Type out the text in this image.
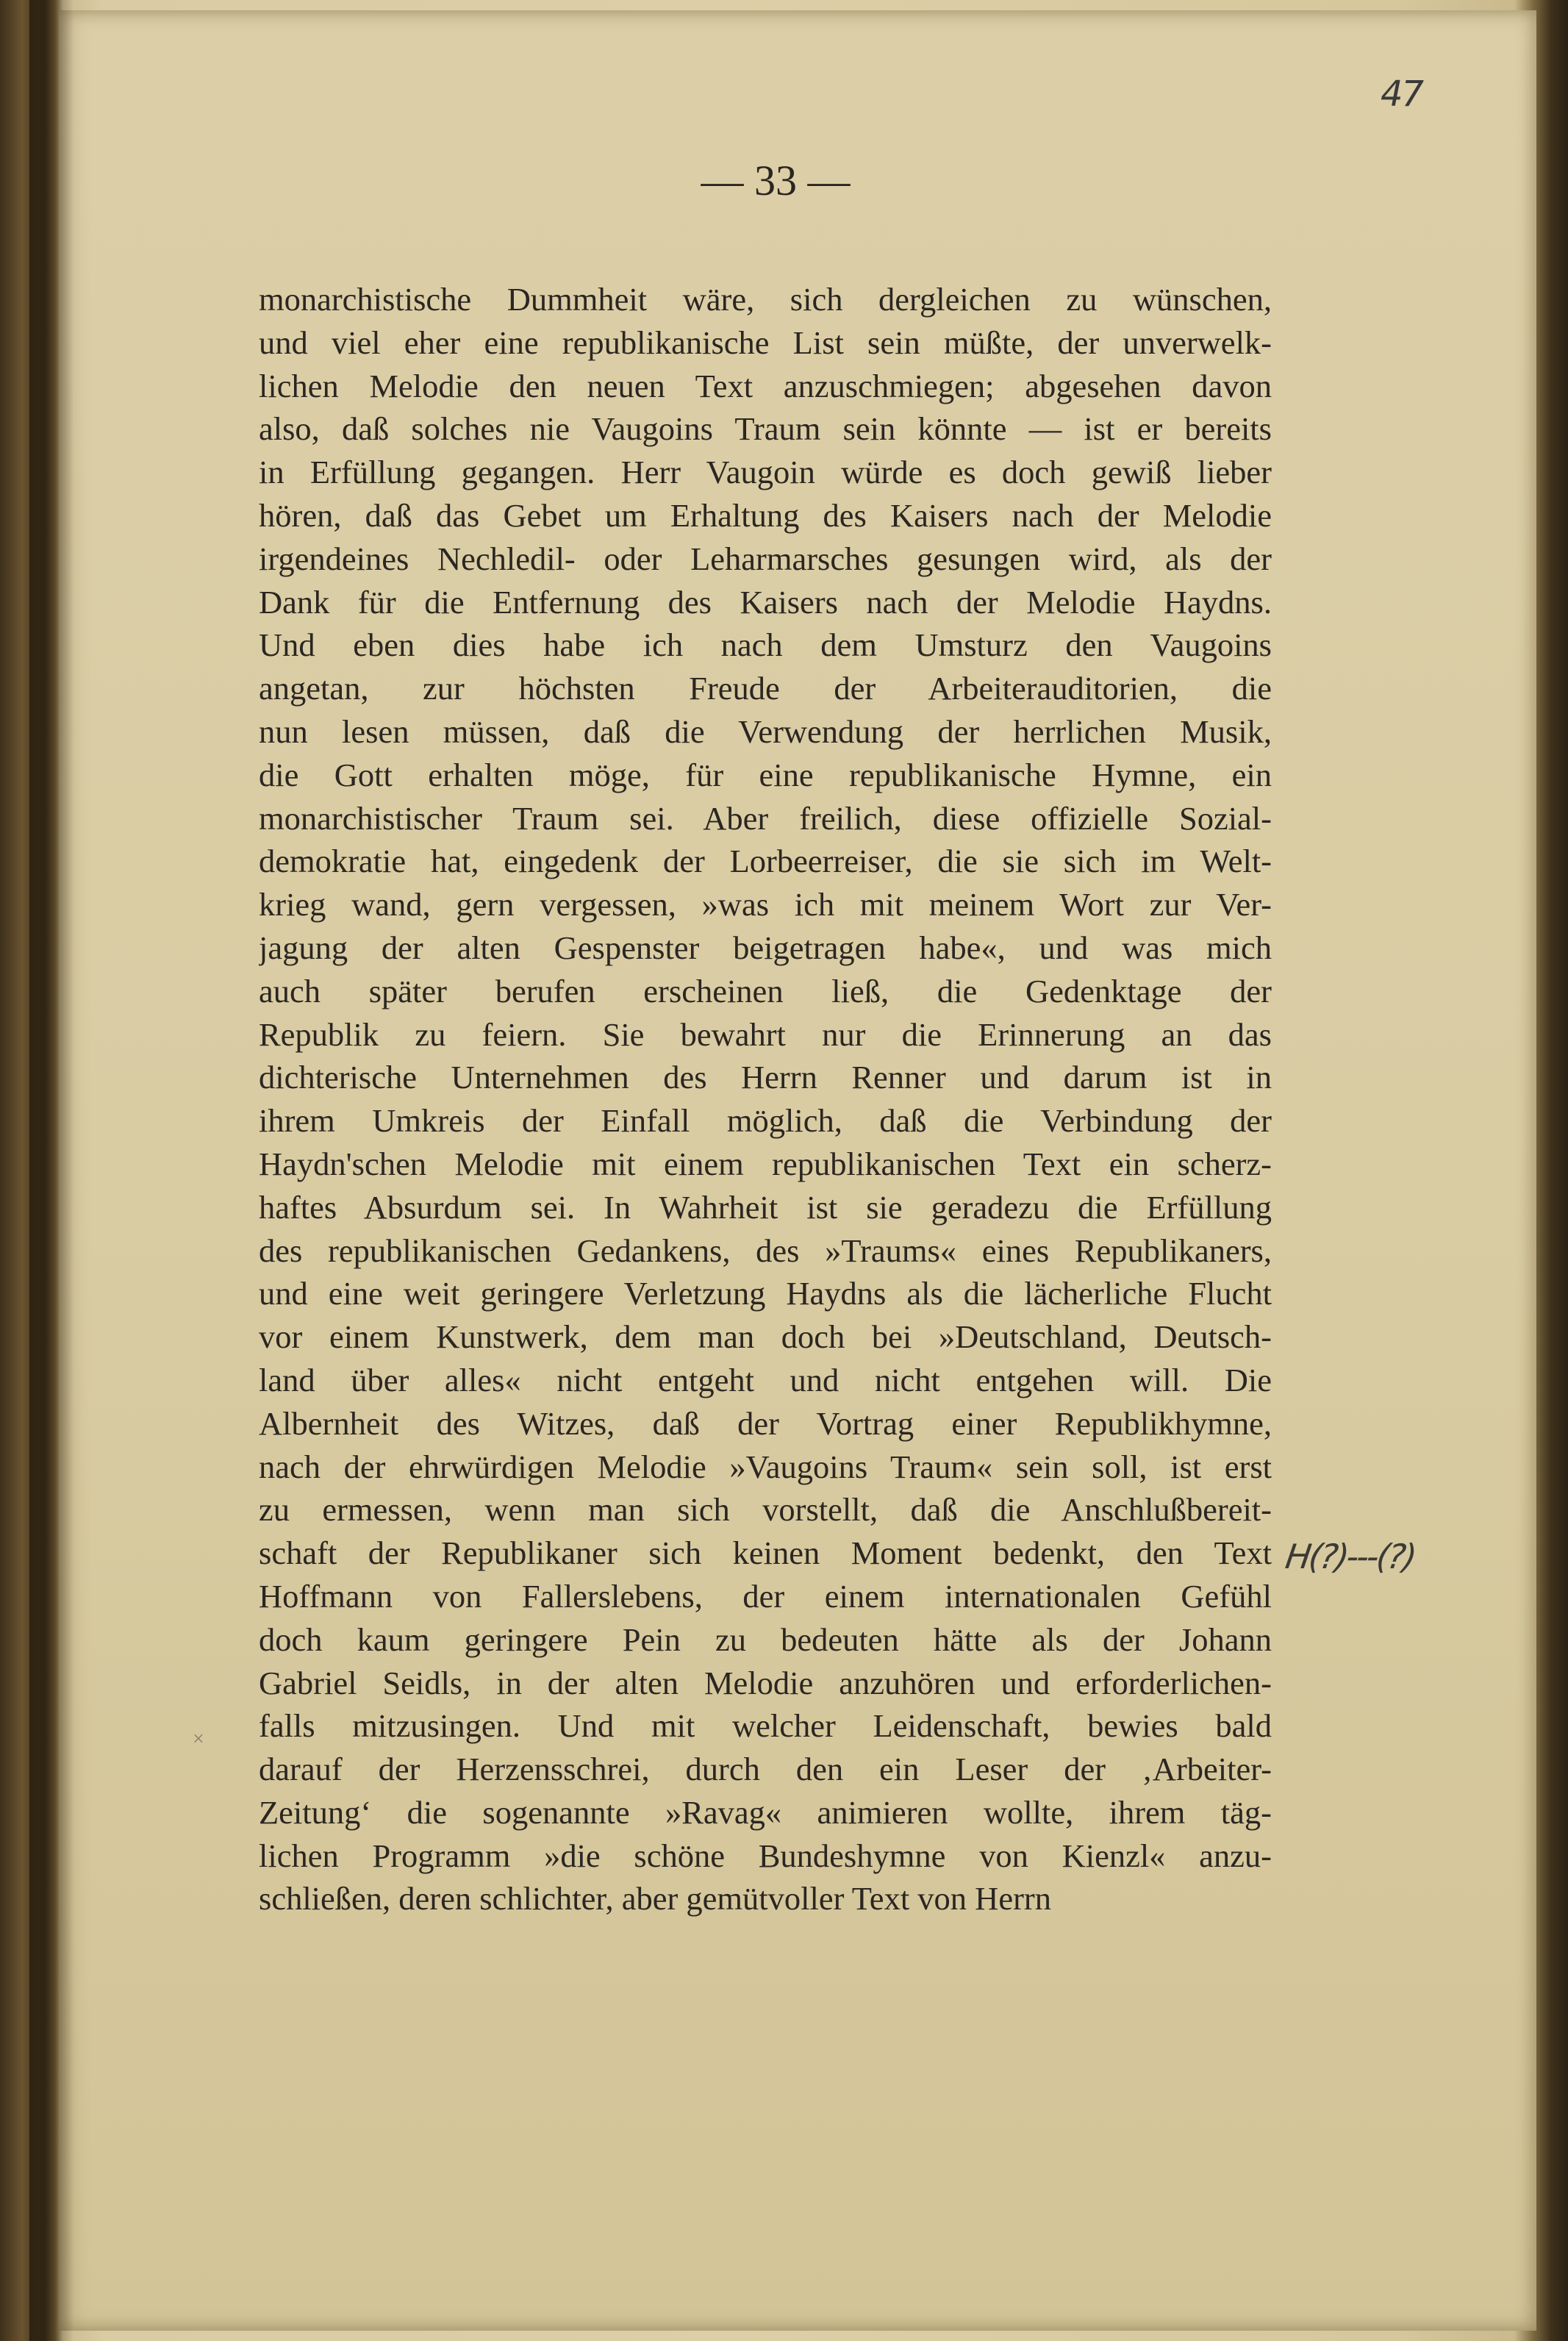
47
— 33 —
monarchistische Dummheit wäre, sich dergleichen zu wünschen,
und viel eher eine republikanische List sein müßte, der unverwelk-
lichen Melodie den neuen Text anzuschmiegen; abgesehen davon
also, daß solches nie Vaugoins Traum sein könnte — ist er bereits
in Erfüllung gegangen. Herr Vaugoin würde es doch gewiß lieber
hören, daß das Gebet um Erhaltung des Kaisers nach der Melodie
irgendeines Nechledil- oder Leharmarsches gesungen wird, als der
Dank für die Entfernung des Kaisers nach der Melodie Haydns.
Und eben dies habe ich nach dem Umsturz den Vaugoins
angetan, zur höchsten Freude der Arbeiterauditorien, die
nun lesen müssen, daß die Verwendung der herrlichen Musik,
die Gott erhalten möge, für eine republikanische Hymne, ein
monarchistischer Traum sei. Aber freilich, diese offizielle Sozial-
demokratie hat, eingedenk der Lorbeerreiser, die sie sich im Welt-
krieg wand, gern vergessen, »was ich mit meinem Wort zur Ver-
jagung der alten Gespenster beigetragen habe«, und was mich
auch später berufen erscheinen ließ, die Gedenktage der
Republik zu feiern. Sie bewahrt nur die Erinnerung an das
dichterische Unternehmen des Herrn Renner und darum ist in
ihrem Umkreis der Einfall möglich, daß die Verbindung der
Haydn'schen Melodie mit einem republikanischen Text ein scherz-
haftes Absurdum sei. In Wahrheit ist sie geradezu die Erfüllung
des republikanischen Gedankens, des »Traums« eines Republikaners,
und eine weit geringere Verletzung Haydns als die lächerliche Flucht
vor einem Kunstwerk, dem man doch bei »Deutschland, Deutsch-
land über alles« nicht entgeht und nicht entgehen will. Die
Albernheit des Witzes, daß der Vortrag einer Republikhymne,
nach der ehrwürdigen Melodie »Vaugoins Traum« sein soll, ist erst
zu ermessen, wenn man sich vorstellt, daß die Anschlußbereit-
schaft der Republikaner sich keinen Moment bedenkt, den Text
Hoffmann von Fallerslebens, der einem internationalen Gefühl
doch kaum geringere Pein zu bedeuten hätte als der Johann
Gabriel Seidls, in der alten Melodie anzuhören und erforderlichen-
falls mitzusingen. Und mit welcher Leidenschaft, bewies bald
darauf der Herzensschrei, durch den ein Leser der ‚Arbeiter-
Zeitung‘ die sogenannte »Ravag« animieren wollte, ihrem täg-
lichen Programm »die schöne Bundeshymne von Kienzl« anzu-
schließen, deren schlichter, aber gemütvoller Text von Herrn
H(?)---(?)
×
